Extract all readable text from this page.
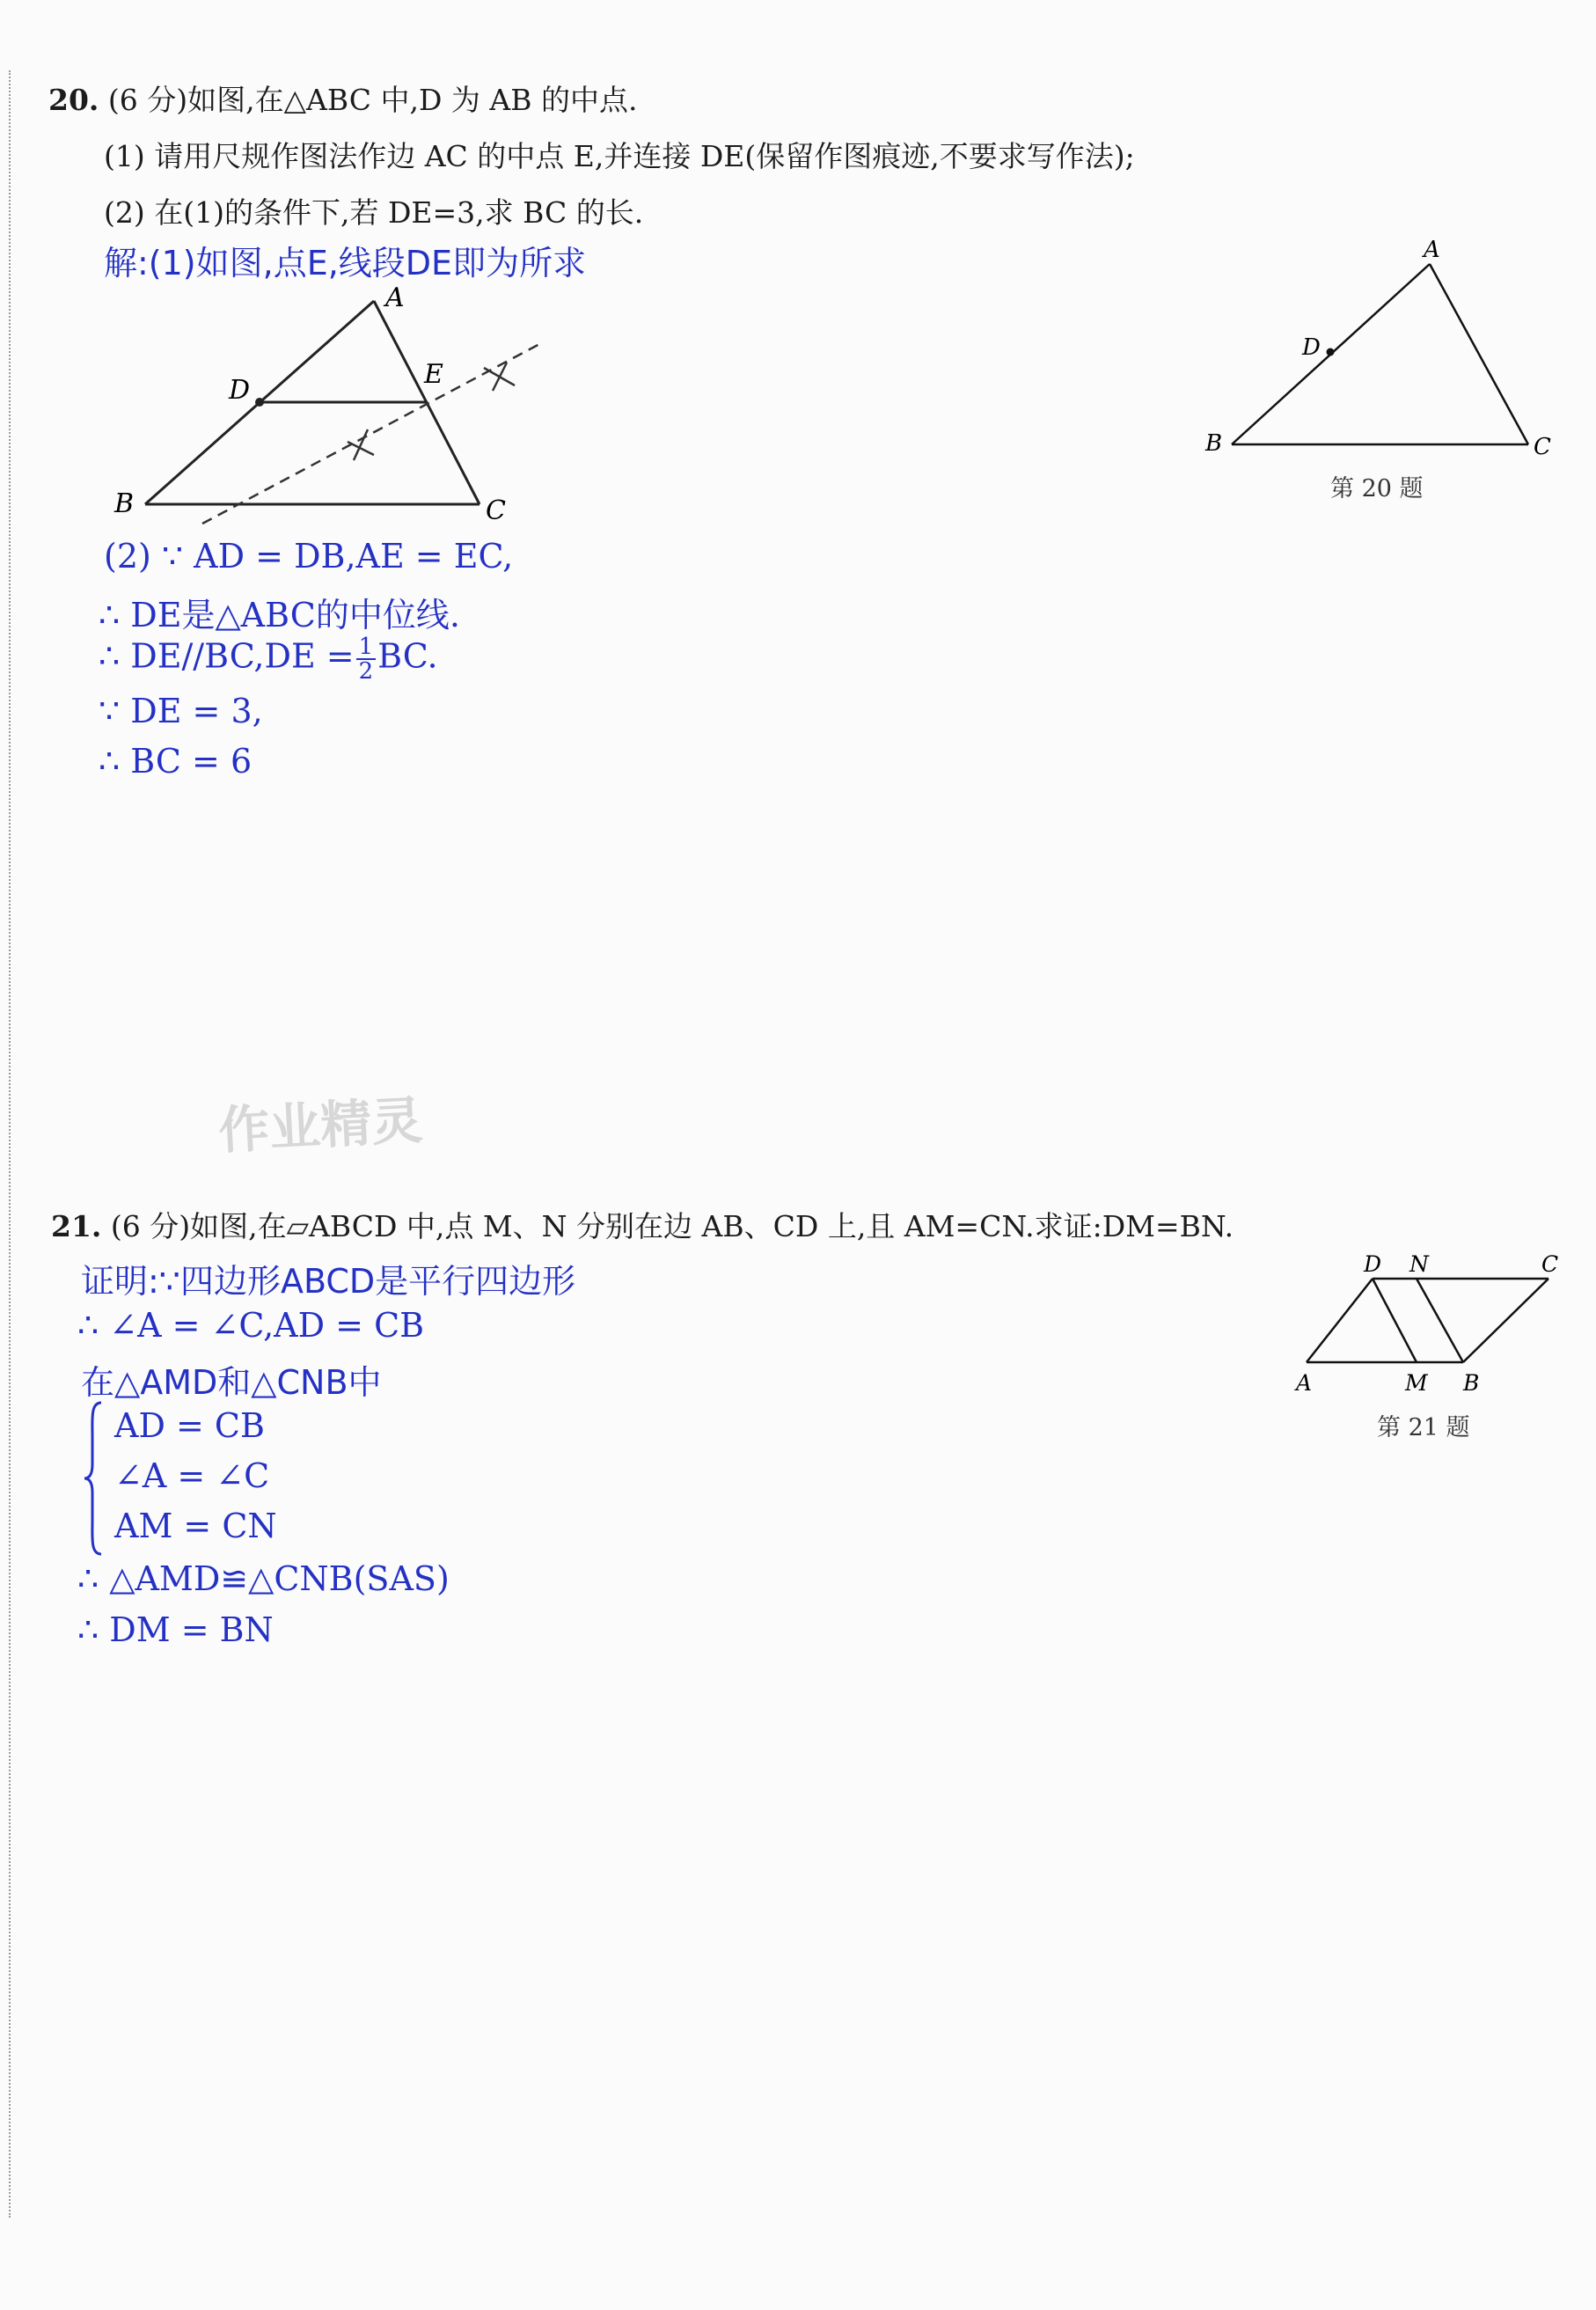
20. (6 分)如图,在△ABC 中,D 为 AB 的中点.
(1) 请用尺规作图法作边 AC 的中点 E,并连接 DE(保留作图痕迹,不要求写作法);
(2) 在(1)的条件下,若 DE=3,求 BC 的长.
解:(1)如图,点E,线段DE即为所求
A
B	C
D
E
A
B	C
D
第 20 题
(2) ∵ AD = DB,AE = EC,
∴ DE是△ABC的中位线.
∴ $DE//BC,DE = \frac{1}{2}$ BC.
∵ DE = 3,
∴ BC = 6
作业精灵
21. (6 分)如图,在▱ABCD 中,点 M、N 分别在边 AB、CD 上,且 AM=CN.求证:DM=BN.
证明:∵四边形ABCD是平行四边形
∴ ∠A = ∠C,AD = CB
在△AMD和△CNB中
AD = CB
∠A = ∠C
AM = CN
∴ △AMD≌△CNB(SAS)
∴ DM = BN
A	B
C
D
M
N
第 21 题
